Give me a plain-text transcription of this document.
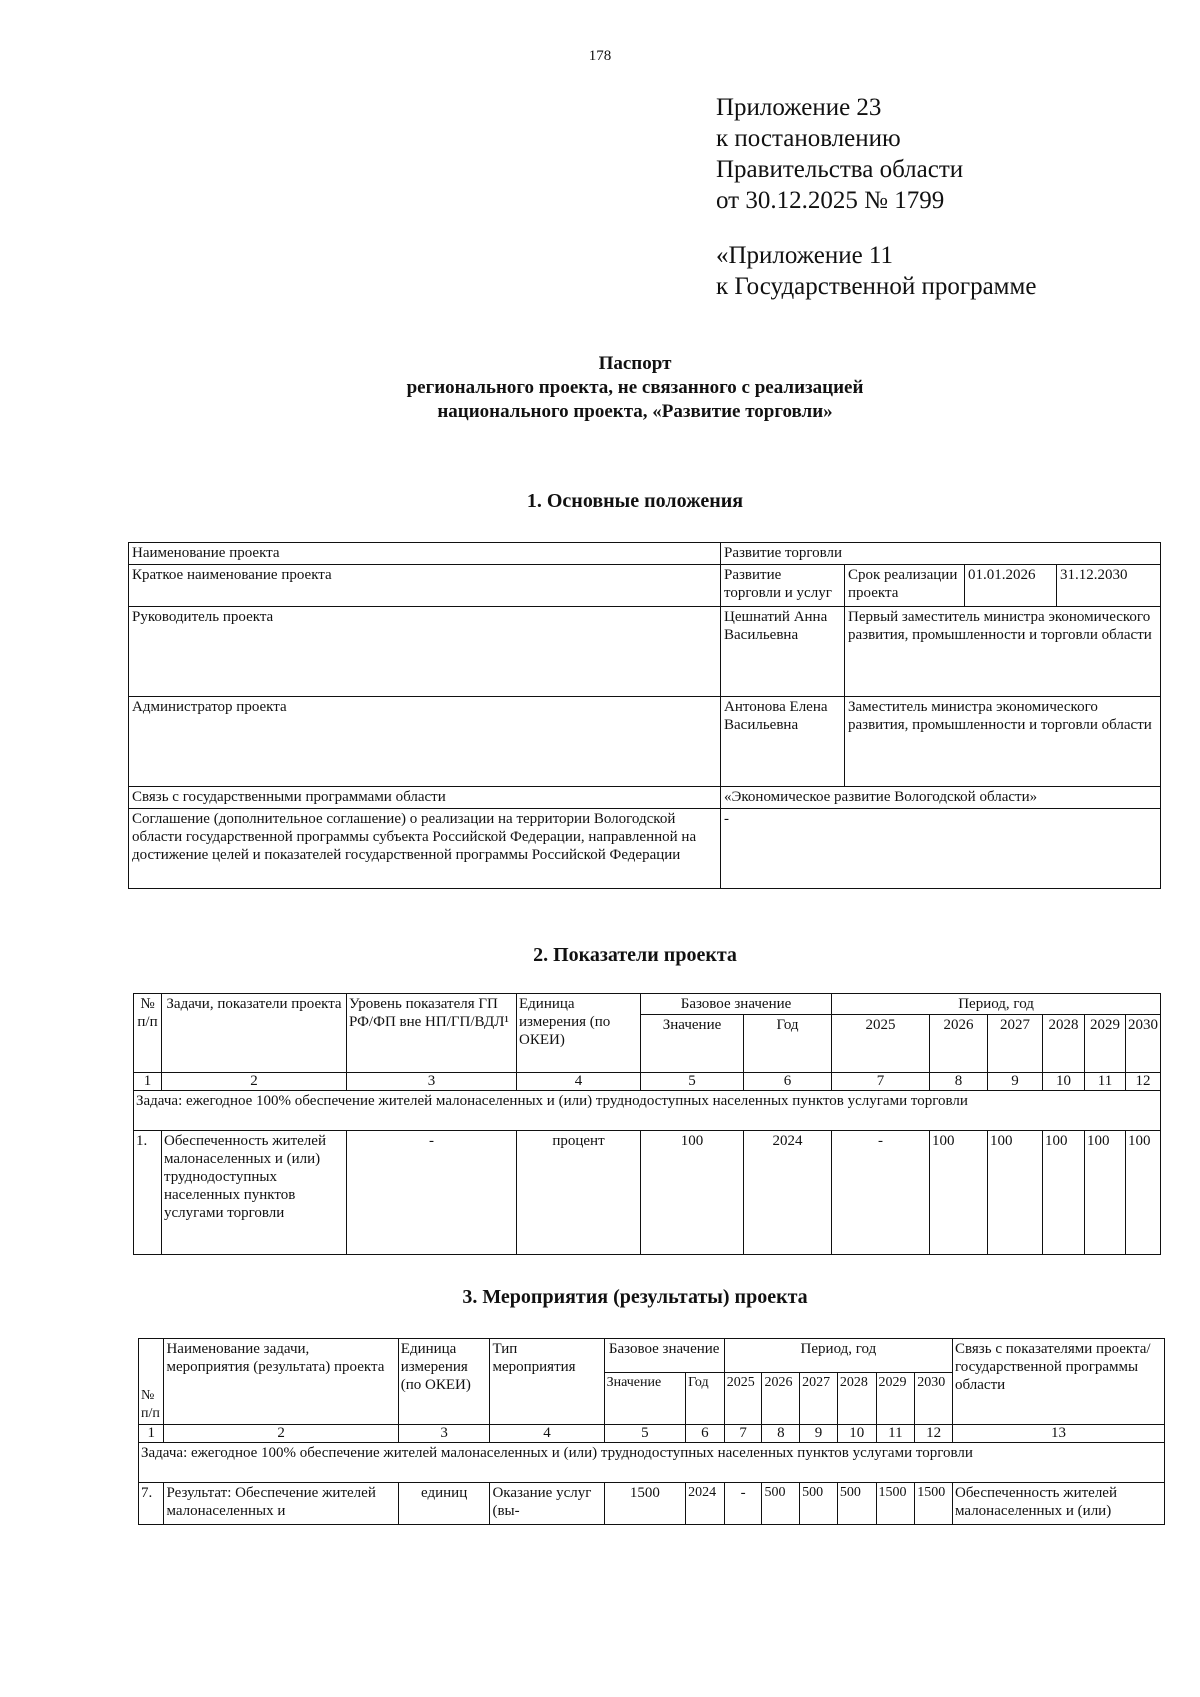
178
Приложение 23
к постановлению
Правительства области
от 30.12.2025 № 1799
«Приложение 11
к Государственной программе
Паспорт
регионального проекта, не связанного с реализацией
национального проекта, «Развитие торговли»
1. Основные положения
Наименование проекта	Развитие торговли			
Краткое наименование проекта	Развитие торговли и услуг	Срок реализации проекта	01.01.2026	31.12.2030
Руководитель проекта	Цешнатий Анна Васильевна	Первый заместитель министра экономического развития, промышленности и торговли области		
Администратор проекта	Антонова Елена Васильевна	Заместитель министра экономического развития, промышленности и торговли области		
Связь с государственными программами области	«Экономическое развитие Вологодской области»			
Соглашение (дополнительное соглашение) о реализации на территории Вологодской области государственной программы субъекта Российской Федерации, направленной на достижение целей и показателей государственной программы Российской Федерации	-			
2. Показатели проекта
№ п/п	Задачи, показатели проекта	Уровень показателя ГП РФ/ФП вне НП/ГП/ВДЛ¹	Единица измерения (по ОКЕИ)	Базовое значение		Период, год					
				Значение	Год	2025	2026	2027	2028	2029	2030
1	2	3	4	5	6	7	8	9	10	11	12
Задача: ежегодное 100% обеспечение жителей малонаселенных и (или) труднодоступных населенных пунктов услугами торговли											
1.	Обеспеченность жителей малонаселенных и (или) труднодоступных населенных пунктов услугами торговли	-	процент	100	2024	-	100	100	100	100	100
3. Мероприятия (результаты) проекта
№ п/п	Наименование задачи, мероприятия (результата) проекта	Единица измерения (по ОКЕИ)	Тип мероприятия	Базовое значение		Период, год						Связь с показателями проекта/государственной программы области
				Значение	Год	2025	2026	2027	2028	2029	2030	
1	2	3	4	5	6	7	8	9	10	11	12	13
Задача: ежегодное 100% обеспечение жителей малонаселенных и (или) труднодоступных населенных пунктов услугами торговли												
7.	Результат: Обеспечение жителей малонаселенных и	единиц	Оказание услуг (вы-	1500	2024	-	500	500	500	1500	1500	Обеспеченность жителей малонаселенных и (или)
